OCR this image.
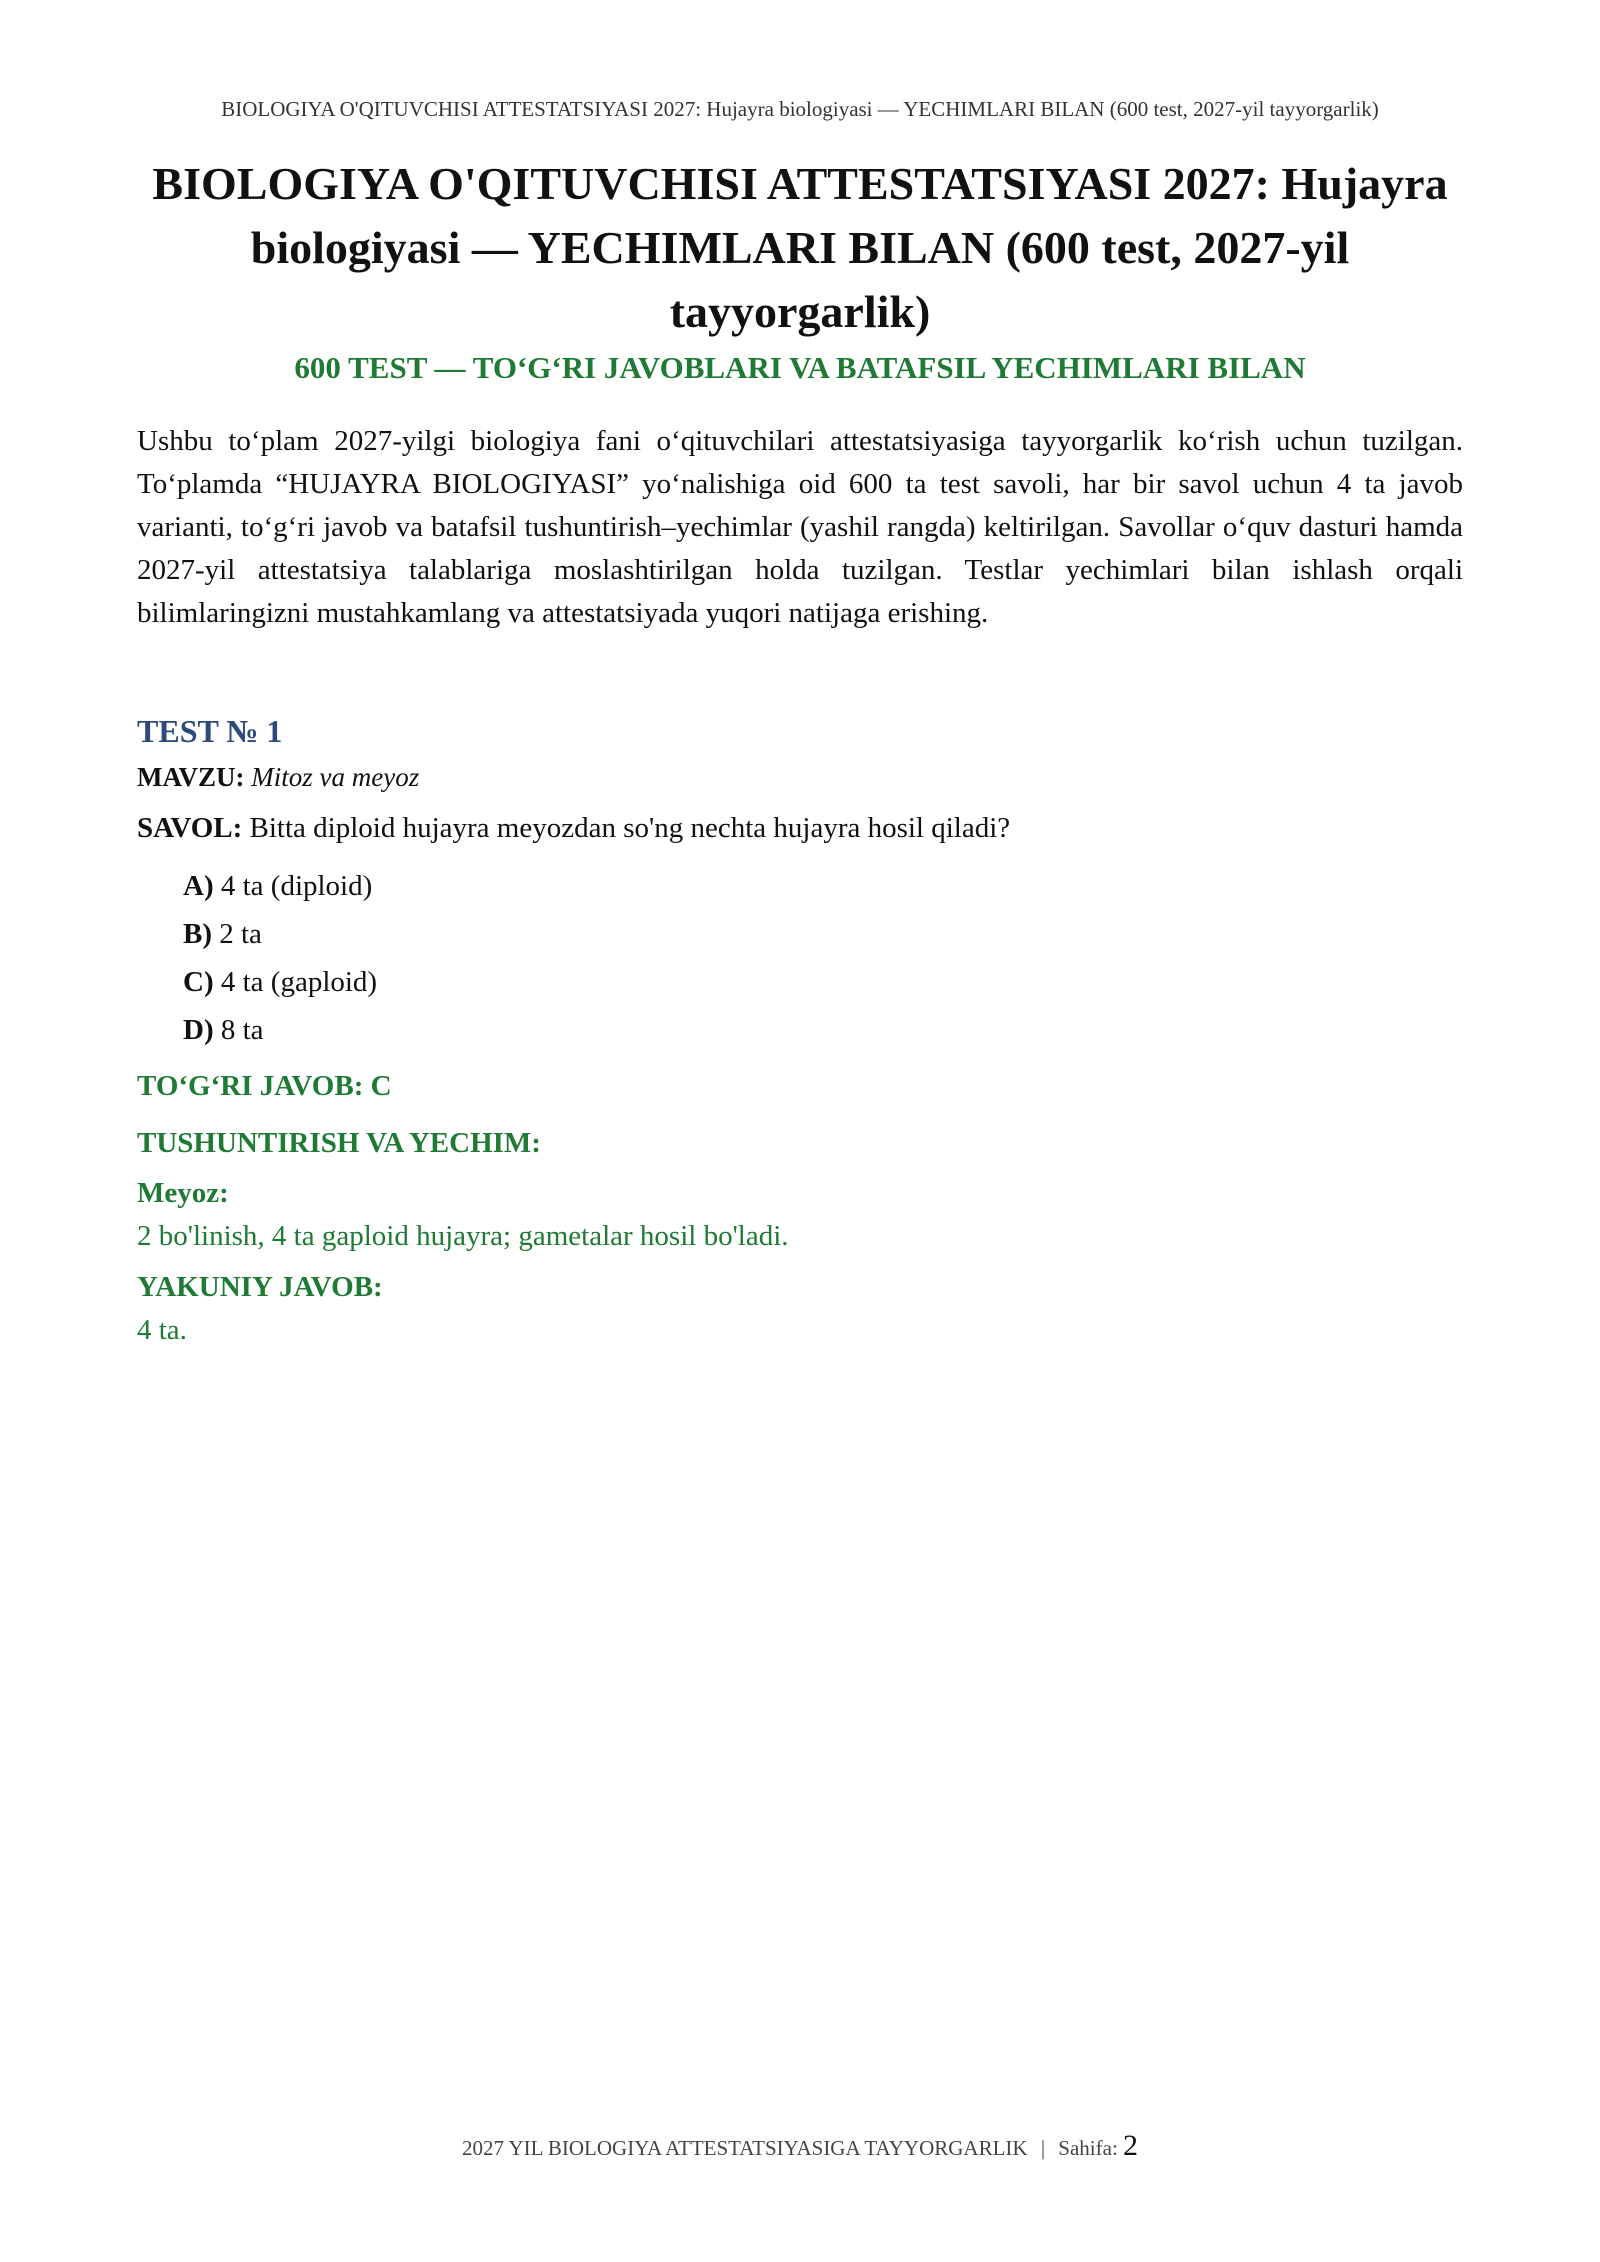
BIOLOGIYA O'QITUVCHISI ATTESTATSIYASI 2027: Hujayra biologiyasi — YECHIMLARI BILAN (600 test, 2027-yil tayyorgarlik)
BIOLOGIYA O'QITUVCHISI ATTESTATSIYASI 2027: Hujayra biologiyasi — YECHIMLARI BILAN (600 test, 2027-yil tayyorgarlik)
600 TEST — TO‘G‘RI JAVOBLARI VA BATAFSIL YECHIMLARI BILAN

Ushbu to‘plam 2027-yilgi biologiya fani o‘qituvchilari attestatsiyasiga tayyorgarlik ko‘rish uchun tuzilgan. To‘plamda “HUJAYRA BIOLOGIYASI” yo‘nalishiga oid 600 ta test savoli, har bir savol uchun 4 ta javob varianti, to‘g‘ri javob va batafsil tushuntirish–yechimlar (yashil rangda) keltirilgan. Savollar o‘quv dasturi hamda 2027-yil attestatsiya talablariga moslashtirilgan holda tuzilgan. Testlar yechimlari bilan ishlash orqali bilimlaringizni mustahkamlang va attestatsiyada yuqori natijaga erishing.

TEST № 1
MAVZU: Mitoz va meyoz
SAVOL: Bitta diploid hujayra meyozdan so'ng nechta hujayra hosil qiladi?
A) 4 ta (diploid)
B) 2 ta
C) 4 ta (gaploid)
D) 8 ta
TO‘G‘RI JAVOB: C
TUSHUNTIRISH VA YECHIM:
Meyoz:
2 bo'linish, 4 ta gaploid hujayra; gametalar hosil bo'ladi.
YAKUNIY JAVOB:
4 ta.
2027 YIL BIOLOGIYA ATTESTATSIYASIGA TAYYORGARLIK | Sahifa: 2
